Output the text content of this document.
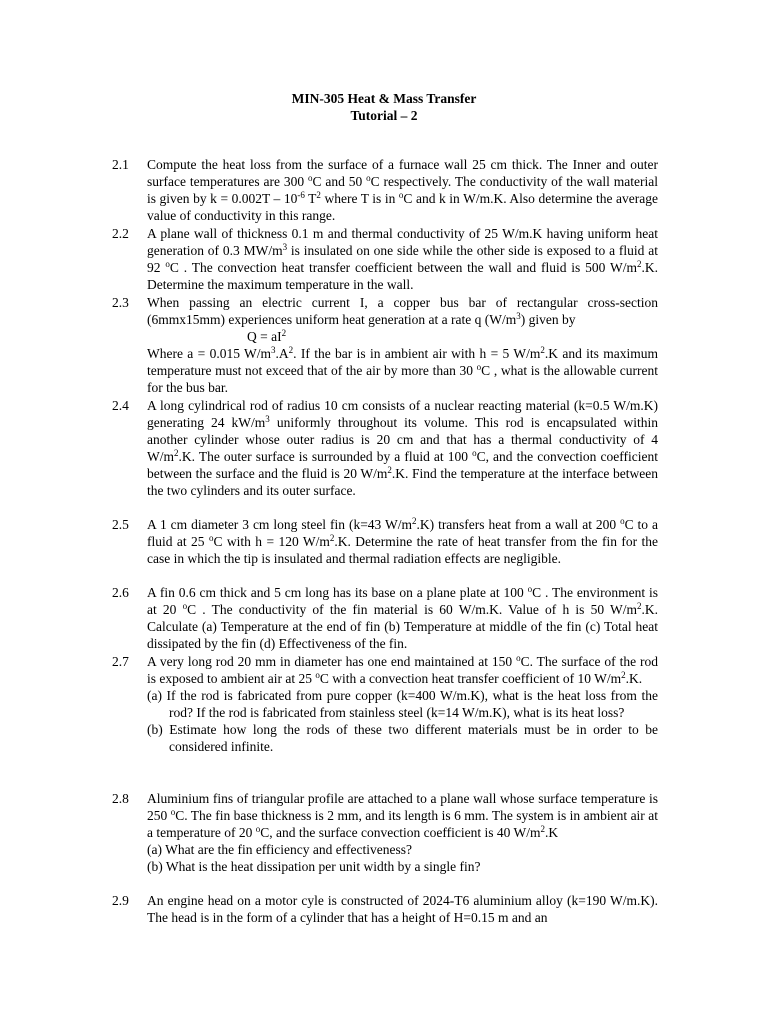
MIN-305 Heat & Mass Transfer
Tutorial – 2
2.1	Compute the heat loss from the surface of a furnace wall 25 cm thick. The Inner and outer surface temperatures are 300 $^o$C and 50 $^o$C respectively. The conductivity of the wall material is given by $k = 0.002T - 10^{-6}$ $T^2$ where T is in $^o$C and k in W/m.K. Also determine the average value of conductivity in this range.
2.2	A plane wall of thickness 0.1 m and thermal conductivity of 25 W/m.K having uniform heat generation of 0.3 $MW/m^3$ is insulated on one side while the other side is exposed to a fluid at 92 $^o$C . The convection heat transfer coefficient between the wall and fluid is 500 $W/m^2.K$. Determine the maximum temperature in the wall.
2.3	When passing an electric current I, a copper bus bar of rectangular cross-section (6mmx15mm) experiences uniform heat generation at a rate q $(W/m^3)$ given by
$Q = aI^2$
Where a = 0.015 $W/m^3.A^2$. If the bar is in ambient air with h = 5 $W/m^2.K$ and its maximum temperature must not exceed that of the air by more than 30 $^o$C , what is the allowable current for the bus bar.
2.4	A long cylindrical rod of radius 10 cm consists of a nuclear reacting material (k=0.5 W/m.K) generating 24 $kW/m^3$ uniformly throughout its volume. This rod is encapsulated within another cylinder whose outer radius is 20 cm and that has a thermal conductivity of 4 $W/m^2.K$. The outer surface is surrounded by a fluid at 100 $^o$C, and the convection coefficient between the surface and the fluid is 20 $W/m^2.K$. Find the temperature at the interface between the two cylinders and its outer surface.
2.5	A 1 cm diameter 3 cm long steel fin (k=43 $W/m^2.K$) transfers heat from a wall at 200 $^o$C to a fluid at 25 $^o$C with h = 120 $W/m^2.K$. Determine the rate of heat transfer from the fin for the case in which the tip is insulated and thermal radiation effects are negligible.
2.6	A fin 0.6 cm thick and 5 cm long has its base on a plane plate at 100 $^o$C . The environment is at 20 $^o$C . The conductivity of the fin material is 60 W/m.K. Value of h is 50 $W/m^2.K$. Calculate (a) Temperature at the end of fin (b) Temperature at middle of the fin (c) Total heat dissipated by the fin (d) Effectiveness of the fin.
2.7	A very long rod 20 mm in diameter has one end maintained at 150 $^o$C. The surface of the rod is exposed to ambient air at 25 $^o$C with a convection heat transfer coefficient of 10 $W/m^2.K$.
(a) If the rod is fabricated from pure copper (k=400 W/m.K), what is the heat loss from the rod? If the rod is fabricated from stainless steel (k=14 W/m.K), what is its heat loss?
(b) Estimate how long the rods of these two different materials must be in order to be considered infinite.
2.8	Aluminium fins of triangular profile are attached to a plane wall whose surface temperature is 250 $^o$C. The fin base thickness is 2 mm, and its length is 6 mm. The system is in ambient air at a temperature of 20 $^o$C, and the surface convection coefficient is 40 $W/m^2.K$
(a) What are the fin efficiency and effectiveness?
(b) What is the heat dissipation per unit width by a single fin?
2.9	An engine head on a motor cyle is constructed of 2024-T6 aluminium alloy (k=190 W/m.K). The head is in the form of a cylinder that has a height of H=0.15 m and an
